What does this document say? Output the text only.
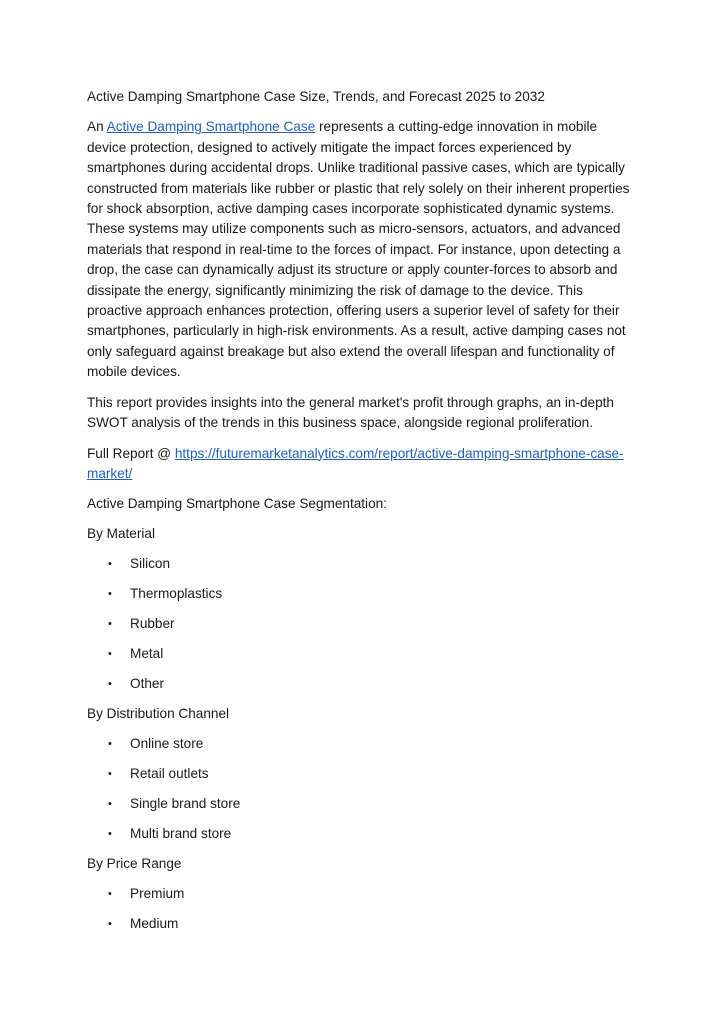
Active Damping Smartphone Case Size, Trends, and Forecast 2025 to 2032

An Active Damping Smartphone Case represents a cutting-edge innovation in mobile device protection, designed to actively mitigate the impact forces experienced by smartphones during accidental drops. Unlike traditional passive cases, which are typically constructed from materials like rubber or plastic that rely solely on their inherent properties for shock absorption, active damping cases incorporate sophisticated dynamic systems. These systems may utilize components such as micro-sensors, actuators, and advanced materials that respond in real-time to the forces of impact. For instance, upon detecting a drop, the case can dynamically adjust its structure or apply counter-forces to absorb and dissipate the energy, significantly minimizing the risk of damage to the device. This proactive approach enhances protection, offering users a superior level of safety for their smartphones, particularly in high-risk environments. As a result, active damping cases not only safeguard against breakage but also extend the overall lifespan and functionality of mobile devices.

This report provides insights into the general market's profit through graphs, an in-depth SWOT analysis of the trends in this business space, alongside regional proliferation.

Full Report @ https://futuremarketanalytics.com/report/active-damping-smartphone-case-market/

Active Damping Smartphone Case Segmentation:
By Material
• Silicon
• Thermoplastics
• Rubber
• Metal
• Other
By Distribution Channel
• Online store
• Retail outlets
• Single brand store
• Multi brand store
By Price Range
• Premium
• Medium
